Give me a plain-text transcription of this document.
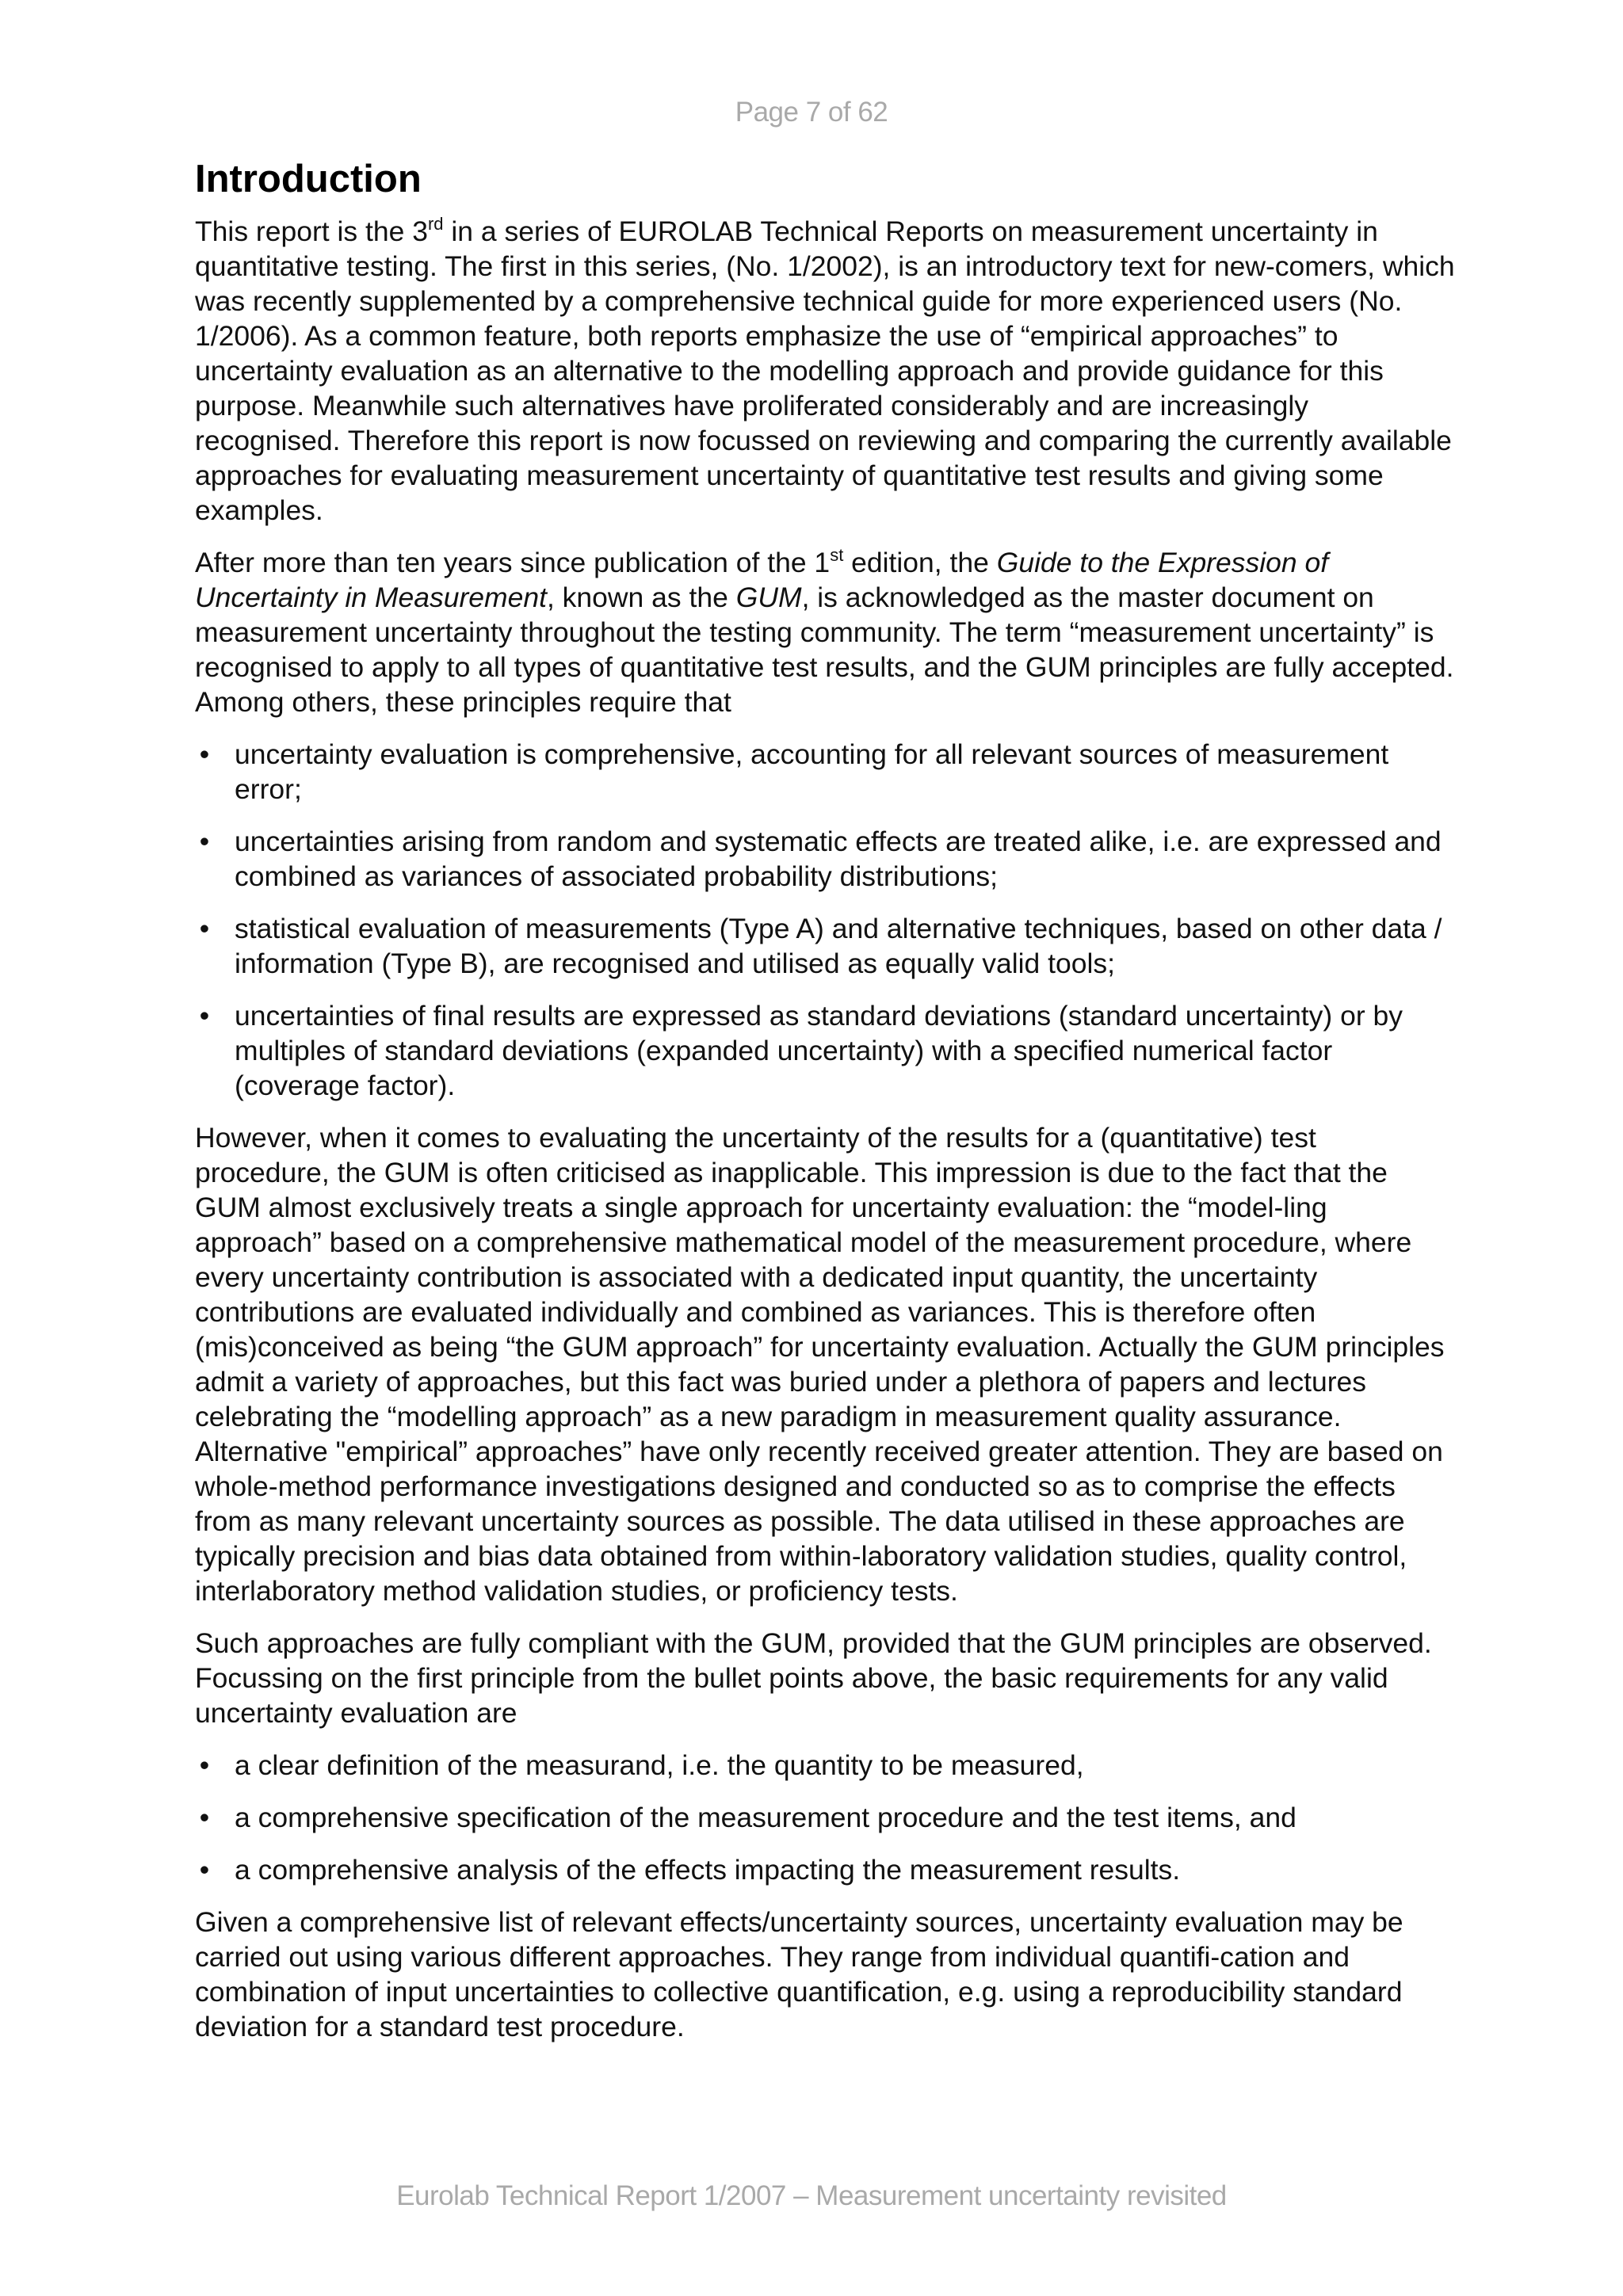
Page 7 of 62
Introduction

This report is the 3rd in a series of EUROLAB Technical Reports on measurement uncertainty in quantitative testing. The first in this series, (No. 1/2002), is an introductory text for new-comers, which was recently supplemented by a comprehensive technical guide for more experienced users (No. 1/2006). As a common feature, both reports emphasize the use of “empirical approaches” to uncertainty evaluation as an alternative to the modelling approach and provide guidance for this purpose. Meanwhile such alternatives have proliferated considerably and are increasingly recognised. Therefore this report is now focussed on reviewing and comparing the currently available approaches for evaluating measurement uncertainty of quantitative test results and giving some examples.

After more than ten years since publication of the 1st edition, the Guide to the Expression of Uncertainty in Measurement, known as the GUM, is acknowledged as the master document on measurement uncertainty throughout the testing community. The term “measurement uncertainty” is recognised to apply to all types of quantitative test results, and the GUM principles are fully accepted. Among others, these principles require that

• uncertainty evaluation is comprehensive, accounting for all relevant sources of measurement error;
• uncertainties arising from random and systematic effects are treated alike, i.e. are expressed and combined as variances of associated probability distributions;
• statistical evaluation of measurements (Type A) and alternative techniques, based on other data / information (Type B), are recognised and utilised as equally valid tools;
• uncertainties of final results are expressed as standard deviations (standard uncertainty) or by multiples of standard deviations (expanded uncertainty) with a specified numerical factor (coverage factor).

However, when it comes to evaluating the uncertainty of the results for a (quantitative) test procedure, the GUM is often criticised as inapplicable. This impression is due to the fact that the GUM almost exclusively treats a single approach for uncertainty evaluation: the “model-ling approach” based on a comprehensive mathematical model of the measurement procedure, where every uncertainty contribution is associated with a dedicated input quantity, the uncertainty contributions are evaluated individually and combined as variances. This is therefore often (mis)conceived as being “the GUM approach” for uncertainty evaluation. Actually the GUM principles admit a variety of approaches, but this fact was buried under a plethora of papers and lectures celebrating the “modelling approach” as a new paradigm in measurement quality assurance. Alternative "empirical” approaches” have only recently received greater attention. They are based on whole-method performance investigations designed and conducted so as to comprise the effects from as many relevant uncertainty sources as possible. The data utilised in these approaches are typically precision and bias data obtained from within-laboratory validation studies, quality control, interlaboratory method validation studies, or proficiency tests.

Such approaches are fully compliant with the GUM, provided that the GUM principles are observed. Focussing on the first principle from the bullet points above, the basic requirements for any valid uncertainty evaluation are

• a clear definition of the measurand, i.e. the quantity to be measured,
• a comprehensive specification of the measurement procedure and the test items, and
• a comprehensive analysis of the effects impacting the measurement results.

Given a comprehensive list of relevant effects/uncertainty sources, uncertainty evaluation may be carried out using various different approaches. They range from individual quantifi-cation and combination of input uncertainties to collective quantification, e.g. using a reproducibility standard deviation for a standard test procedure.

Eurolab Technical Report 1/2007 – Measurement uncertainty revisited
